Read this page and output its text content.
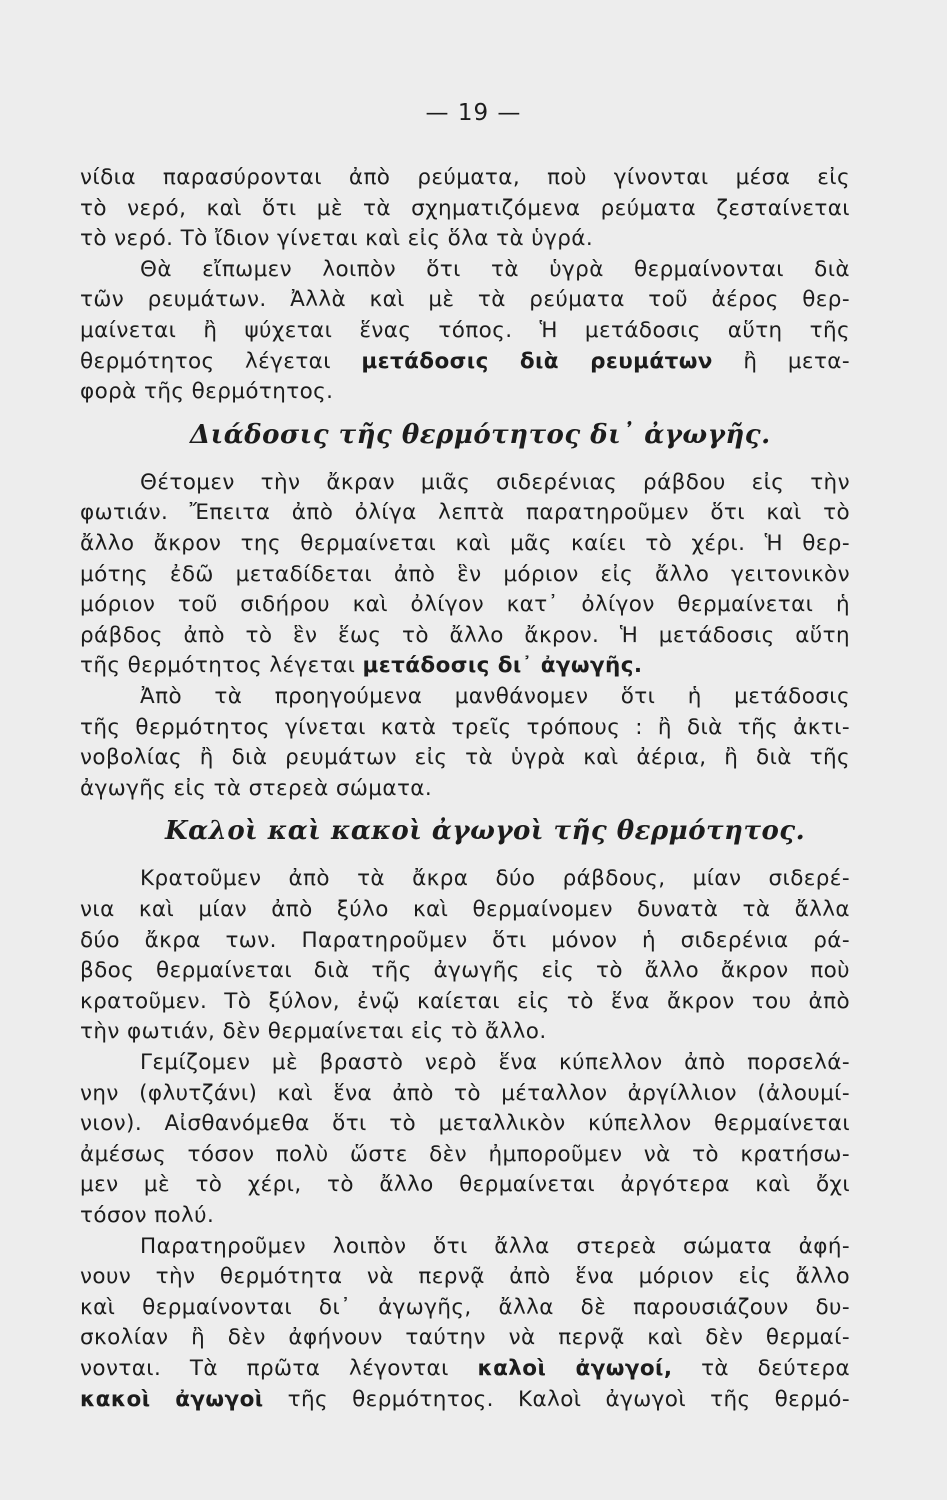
— 19 —
νίδια παρασύρονται ἀπὸ ρεύματα, ποὺ γίνονται μέσα εἰς
τὸ νερό, καὶ ὅτι μὲ τὰ σχηματιζόμενα ρεύματα ζεσταίνεται
τὸ νερό. Τὸ ἴδιον γίνεται καὶ εἰς ὅλα τὰ ὑγρά.
Θὰ εἴπωμεν λοιπὸν ὅτι τὰ ὑγρὰ θερμαίνονται διὰ
τῶν ρευμάτων. Ἀλλὰ καὶ μὲ τὰ ρεύματα τοῦ ἀέρος θερ-
μαίνεται ἢ ψύχεται ἕνας τόπος. Ἡ μετάδοσις αὕτη τῆς
θερμότητος λέγεται μετάδοσις διὰ ρευμάτων ἢ μετα-
φορὰ τῆς θερμότητος.
Διάδοσις τῆς θερμότητος δι᾽ ἀγωγῆς.
Θέτομεν τὴν ἄκραν μιᾶς σιδερένιας ράβδου εἰς τὴν
φωτιάν. Ἔπειτα ἀπὸ ὀλίγα λεπτὰ παρατηροῦμεν ὅτι καὶ τὸ
ἄλλο ἄκρον της θερμαίνεται καὶ μᾶς καίει τὸ χέρι. Ἡ θερ-
μότης ἐδῶ μεταδίδεται ἀπὸ ἓν μόριον εἰς ἄλλο γειτονικὸν
μόριον τοῦ σιδήρου καὶ ὀλίγον κατ᾽ ὀλίγον θερμαίνεται ἡ
ράβδος ἀπὸ τὸ ἓν ἕως τὸ ἄλλο ἄκρον. Ἡ μετάδοσις αὕτη
τῆς θερμότητος λέγεται μετάδοσις δι᾽ ἀγωγῆς.
Ἀπὸ τὰ προηγούμενα μανθάνομεν ὅτι ἡ μετάδοσις
τῆς θερμότητος γίνεται κατὰ τρεῖς τρόπους : ἢ διὰ τῆς ἀκτι-
νοβολίας ἢ διὰ ρευμάτων εἰς τὰ ὑγρὰ καὶ ἀέρια, ἢ διὰ τῆς
ἀγωγῆς εἰς τὰ στερεὰ σώματα.
Καλοὶ καὶ κακοὶ ἀγωγοὶ τῆς θερμότητος.
Κρατοῦμεν ἀπὸ τὰ ἄκρα δύο ράβδους, μίαν σιδερέ-
νια καὶ μίαν ἀπὸ ξύλο καὶ θερμαίνομεν δυνατὰ τὰ ἄλλα
δύο ἄκρα των. Παρατηροῦμεν ὅτι μόνον ἡ σιδερένια ρά-
βδος θερμαίνεται διὰ τῆς ἀγωγῆς εἰς τὸ ἄλλο ἄκρον ποὺ
κρατοῦμεν. Τὸ ξύλον, ἐνῷ καίεται εἰς τὸ ἕνα ἄκρον του ἀπὸ
τὴν φωτιάν, δὲν θερμαίνεται εἰς τὸ ἄλλο.
Γεμίζομεν μὲ βραστὸ νερὸ ἕνα κύπελλον ἀπὸ πορσελά-
νην (φλυτζάνι) καὶ ἕνα ἀπὸ τὸ μέταλλον ἀργίλλιον (ἀλουμί-
νιον). Αἰσθανόμεθα ὅτι τὸ μεταλλικὸν κύπελλον θερμαίνεται
ἀμέσως τόσον πολὺ ὥστε δὲν ἠμποροῦμεν νὰ τὸ κρατήσω-
μεν μὲ τὸ χέρι, τὸ ἄλλο θερμαίνεται ἀργότερα καὶ ὄχι
τόσον πολύ.
Παρατηροῦμεν λοιπὸν ὅτι ἄλλα στερεὰ σώματα ἀφή-
νουν τὴν θερμότητα νὰ περνᾷ ἀπὸ ἕνα μόριον εἰς ἄλλο
καὶ θερμαίνονται δι᾽ ἀγωγῆς, ἄλλα δὲ παρουσιάζουν δυ-
σκολίαν ἢ δὲν ἀφήνουν ταύτην νὰ περνᾷ καὶ δὲν θερμαί-
νονται. Τὰ πρῶτα λέγονται καλοὶ ἀγωγοί, τὰ δεύτερα
κακοὶ ἀγωγοὶ τῆς θερμότητος. Καλοὶ ἀγωγοὶ τῆς θερμό-
